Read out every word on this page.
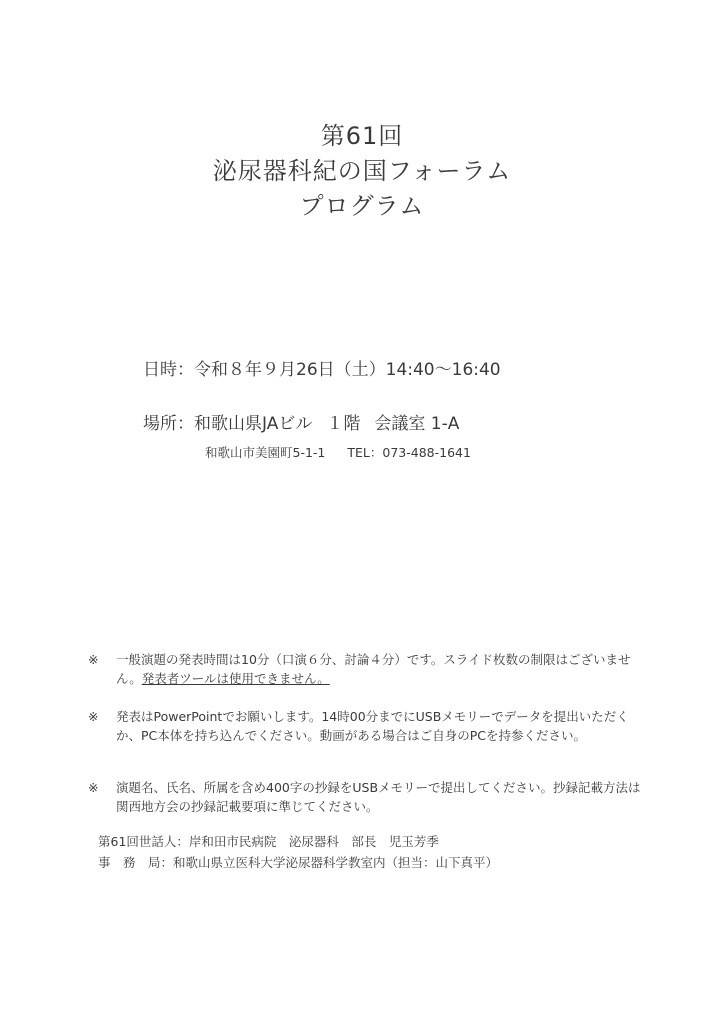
第61回
泌尿器科紀の国フォーラム
プログラム
日時：令和８年９月26日（土）14:40～16:40
場所：和歌山県JAビル １階 会議室 1-A
和歌山市美園町5-1-1 TEL：073-488-1641
※ 一般演題の発表時間は10分（口演６分、討論４分）です。スライド枚数の制限はございません。発表者ツールは使用できません。
※ 発表はPowerPointでお願いします。14時00分までにUSBメモリーでデータを提出いただくか、PC本体を持ち込んでください。動画がある場合はご自身のPCを持参ください。
※ 演題名、氏名、所属を含め400字の抄録をUSBメモリーで提出してください。抄録記載方法は関西地方会の抄録記載要項に準じてください。
第61回世話人：岸和田市民病院　泌尿器科　部長　児玉芳季
事　務　局：和歌山県立医科大学泌尿器科学教室内（担当：山下真平）
